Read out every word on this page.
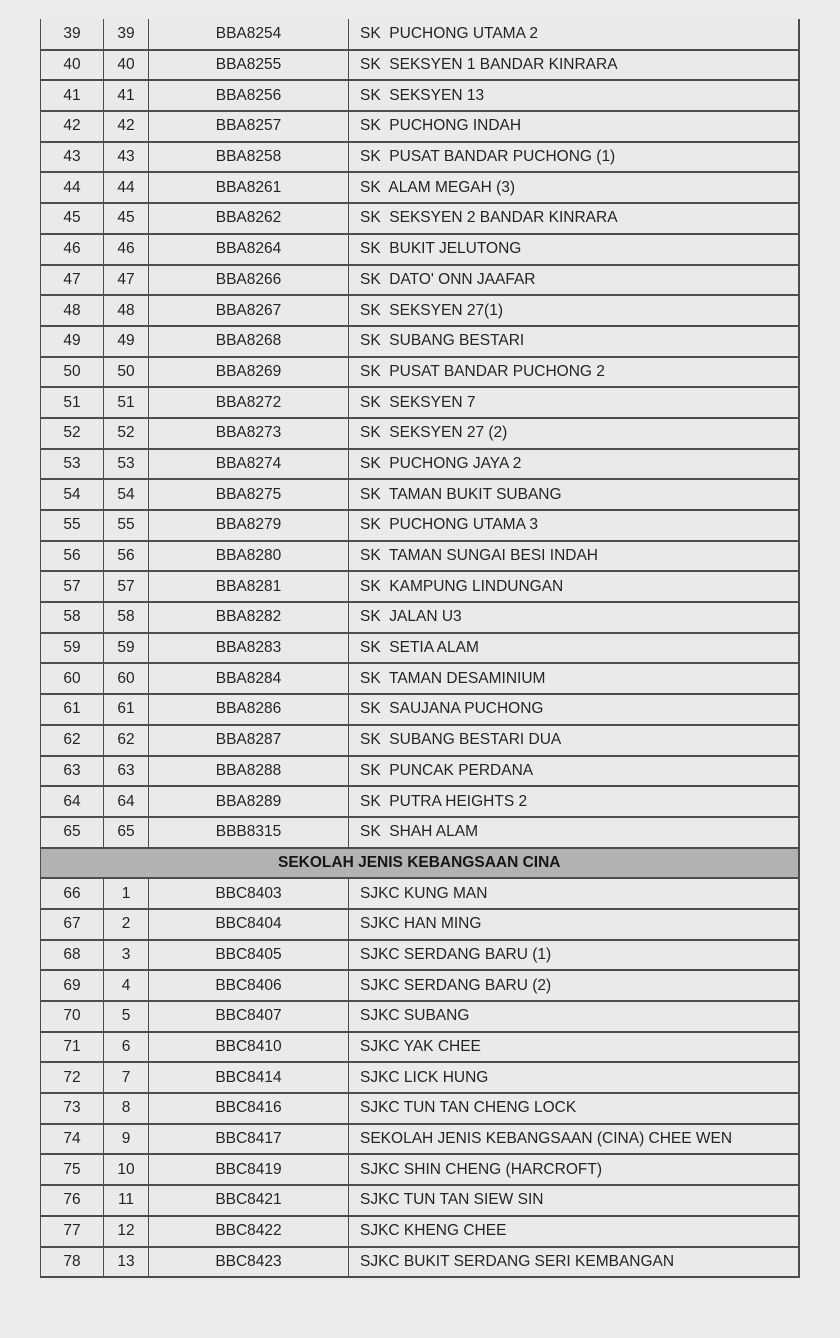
39	39	BBA8254	SK  PUCHONG UTAMA 2
40	40	BBA8255	SK  SEKSYEN 1 BANDAR KINRARA
41	41	BBA8256	SK  SEKSYEN 13
42	42	BBA8257	SK  PUCHONG INDAH
43	43	BBA8258	SK  PUSAT BANDAR PUCHONG (1)
44	44	BBA8261	SK  ALAM MEGAH (3)
45	45	BBA8262	SK  SEKSYEN 2 BANDAR KINRARA
46	46	BBA8264	SK  BUKIT JELUTONG
47	47	BBA8266	SK  DATO' ONN JAAFAR
48	48	BBA8267	SK  SEKSYEN 27(1)
49	49	BBA8268	SK  SUBANG BESTARI
50	50	BBA8269	SK  PUSAT BANDAR PUCHONG 2
51	51	BBA8272	SK  SEKSYEN 7
52	52	BBA8273	SK  SEKSYEN 27 (2)
53	53	BBA8274	SK  PUCHONG JAYA 2
54	54	BBA8275	SK  TAMAN BUKIT SUBANG
55	55	BBA8279	SK  PUCHONG UTAMA 3
56	56	BBA8280	SK  TAMAN SUNGAI BESI INDAH
57	57	BBA8281	SK  KAMPUNG LINDUNGAN
58	58	BBA8282	SK  JALAN U3
59	59	BBA8283	SK  SETIA ALAM
60	60	BBA8284	SK  TAMAN DESAMINIUM
61	61	BBA8286	SK  SAUJANA PUCHONG
62	62	BBA8287	SK  SUBANG BESTARI DUA
63	63	BBA8288	SK  PUNCAK PERDANA
64	64	BBA8289	SK  PUTRA HEIGHTS 2
65	65	BBB8315	SK  SHAH ALAM
SEKOLAH JENIS KEBANGSAAN CINA			
66	1	BBC8403	SJKC KUNG MAN
67	2	BBC8404	SJKC HAN MING
68	3	BBC8405	SJKC SERDANG BARU (1)
69	4	BBC8406	SJKC SERDANG BARU (2)
70	5	BBC8407	SJKC SUBANG
71	6	BBC8410	SJKC YAK CHEE
72	7	BBC8414	SJKC LICK HUNG
73	8	BBC8416	SJKC TUN TAN CHENG LOCK
74	9	BBC8417	SEKOLAH JENIS KEBANGSAAN (CINA) CHEE WEN
75	10	BBC8419	SJKC SHIN CHENG (HARCROFT)
76	11	BBC8421	SJKC TUN TAN SIEW SIN
77	12	BBC8422	SJKC KHENG CHEE
78	13	BBC8423	SJKC BUKIT SERDANG SERI KEMBANGAN
